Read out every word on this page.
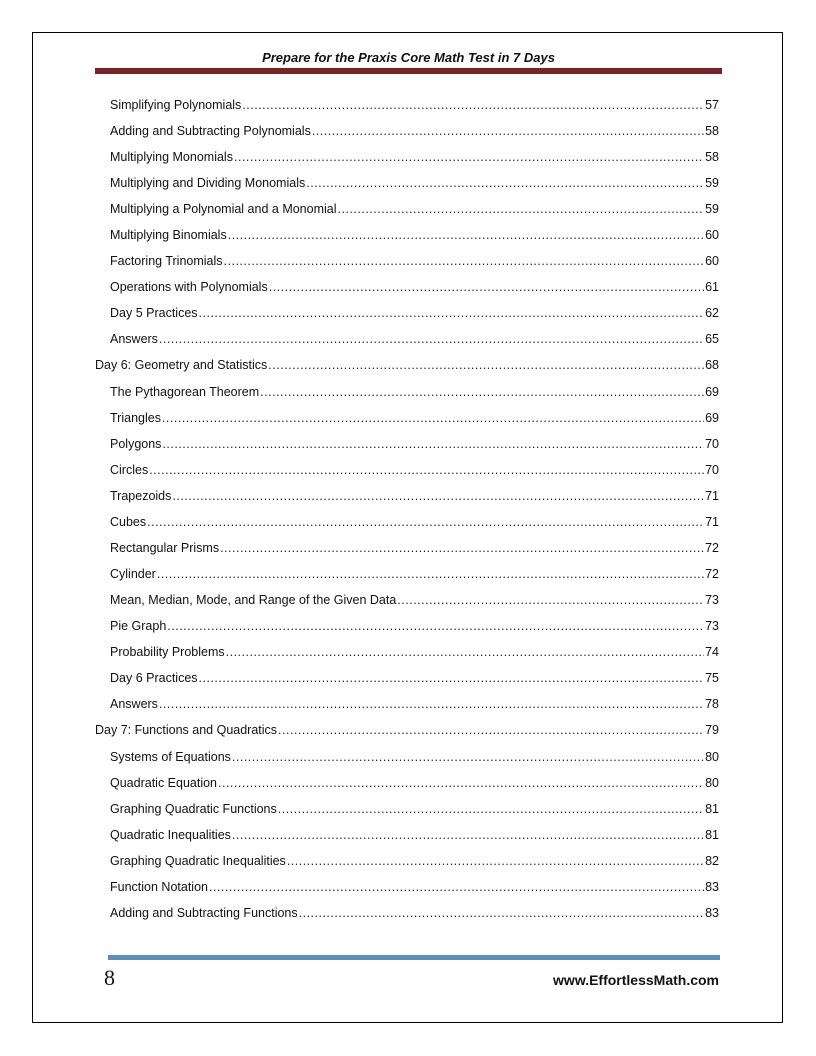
Prepare for the Praxis Core Math Test in 7 Days
Simplifying Polynomials .....	57
Adding and Subtracting Polynomials .....	58
Multiplying Monomials .....	58
Multiplying and Dividing Monomials .....	59
Multiplying a Polynomial and a Monomial .....	59
Multiplying Binomials .....	60
Factoring Trinomials .....	60
Operations with Polynomials .....	61
Day 5 Practices .....	62
Answers .....	65
Day 6: Geometry and Statistics .....	68
The Pythagorean Theorem .....	69
Triangles .....	69
Polygons .....	70
Circles .....	70
Trapezoids .....	71
Cubes .....	71
Rectangular Prisms .....	72
Cylinder .....	72
Mean, Median, Mode, and Range of the Given Data .....	73
Pie Graph .....	73
Probability Problems .....	74
Day 6 Practices .....	75
Answers .....	78
Day 7: Functions and Quadratics .....	79
Systems of Equations .....	80
Quadratic Equation .....	80
Graphing Quadratic Functions .....	81
Quadratic Inequalities .....	81
Graphing Quadratic Inequalities .....	82
Function Notation .....	83
Adding and Subtracting Functions .....	83
8	www.EffortlessMath.com
